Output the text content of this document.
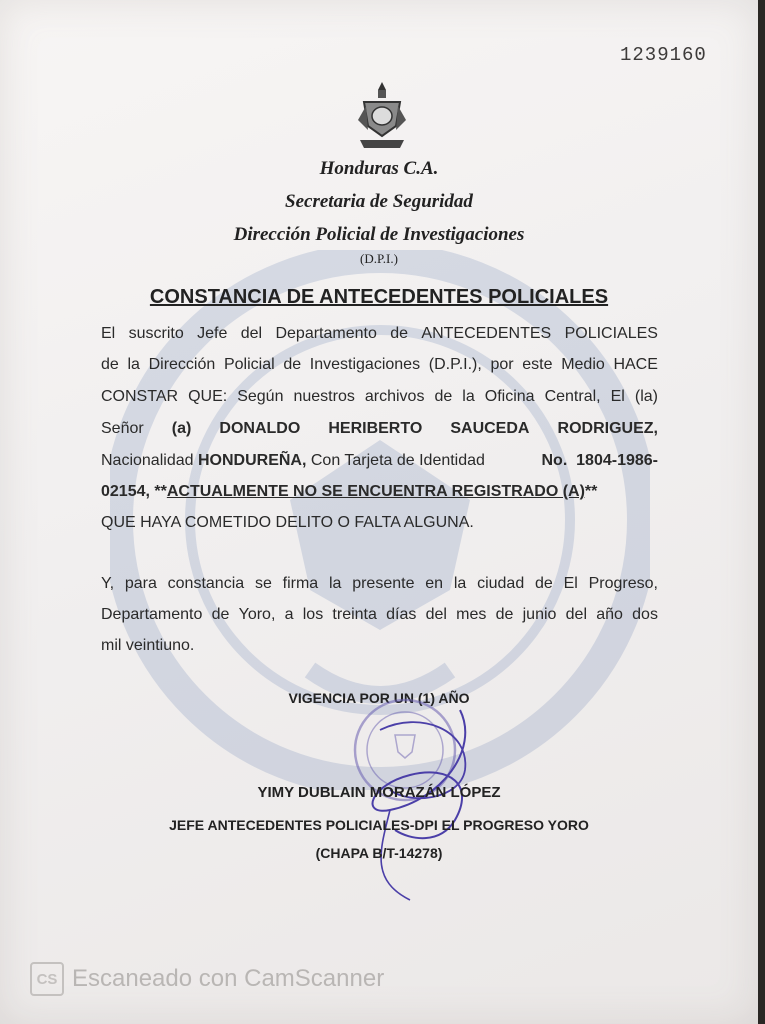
1239160
Honduras C.A.
Secretaria de Seguridad
Dirección Policial de Investigaciones
(D.P.I.)
CONSTANCIA DE ANTECEDENTES POLICIALES
El suscrito Jefe del Departamento de ANTECEDENTES POLICIALES
de la Dirección Policial de Investigaciones (D.P.I.), por este Medio HACE
CONSTAR QUE: Según nuestros archivos de la Oficina Central, El (la)
Señor (a) DONALDO HERIBERTO SAUCEDA RODRIGUEZ,
Nacionalidad HONDUREÑA, Con Tarjeta de Identidad	No.  1804-1986-
02154, ** ACTUALMENTE NO SE ENCUENTRA REGISTRADO (A) **
QUE HAYA COMETIDO DELITO O FALTA ALGUNA.
Y, para constancia se firma la presente en la ciudad de El Progreso,
Departamento de Yoro, a los treinta días del mes de junio del año dos
mil veintiuno.
VIGENCIA POR UN (1) AÑO
YIMY DUBLAIN MORAZÁN LÓPEZ
JEFE ANTECEDENTES POLICIALES-DPI EL PROGRESO YORO
(CHAPA B/T-14278)
CS Escaneado con CamScanner
